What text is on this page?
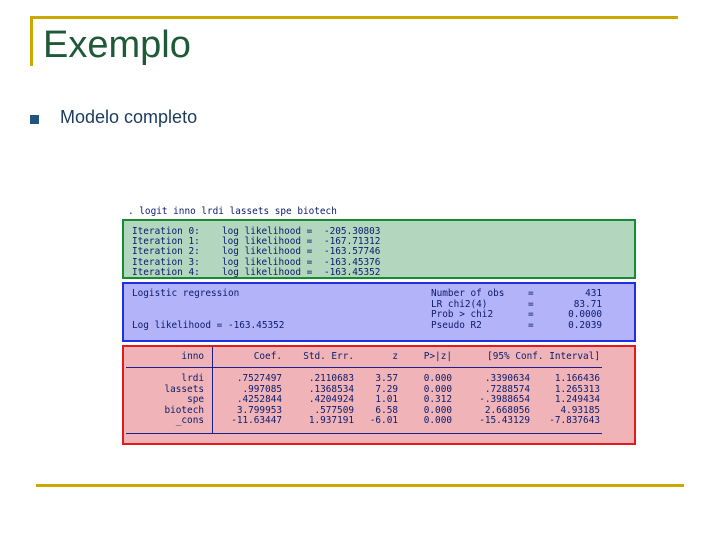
Exemplo
Modelo completo
. logit inno lrdi lassets spe biotech
Iteration 0: log likelihood = -205.30803
Iteration 1: log likelihood = -167.71312
Iteration 2: log likelihood = -163.57746
Iteration 3: log likelihood = -163.45376
Iteration 4: log likelihood = -163.45352
Logistic regression
Log likelihood = -163.45352
Number of obs	=	431
LR chi2(4)	=	83.71
Prob > chi2	=	0.0000
Pseudo R2	=	0.2039
inno	Coef.	Std. Err.	z	P>|z|	[95% Conf. Interval]
lrdi	.7527497	.2110683	3.57	0.000	.3390634	1.166436
lassets	.997085	.1368534	7.29	0.000	.7288574	1.265313
spe	.4252844	.4204924	1.01	0.312	-.3988654	1.249434
biotech	3.799953	.577509	6.58	0.000	2.668056	4.93185
_cons	-11.63447	1.937191	-6.01	0.000	-15.43129	-7.837643
